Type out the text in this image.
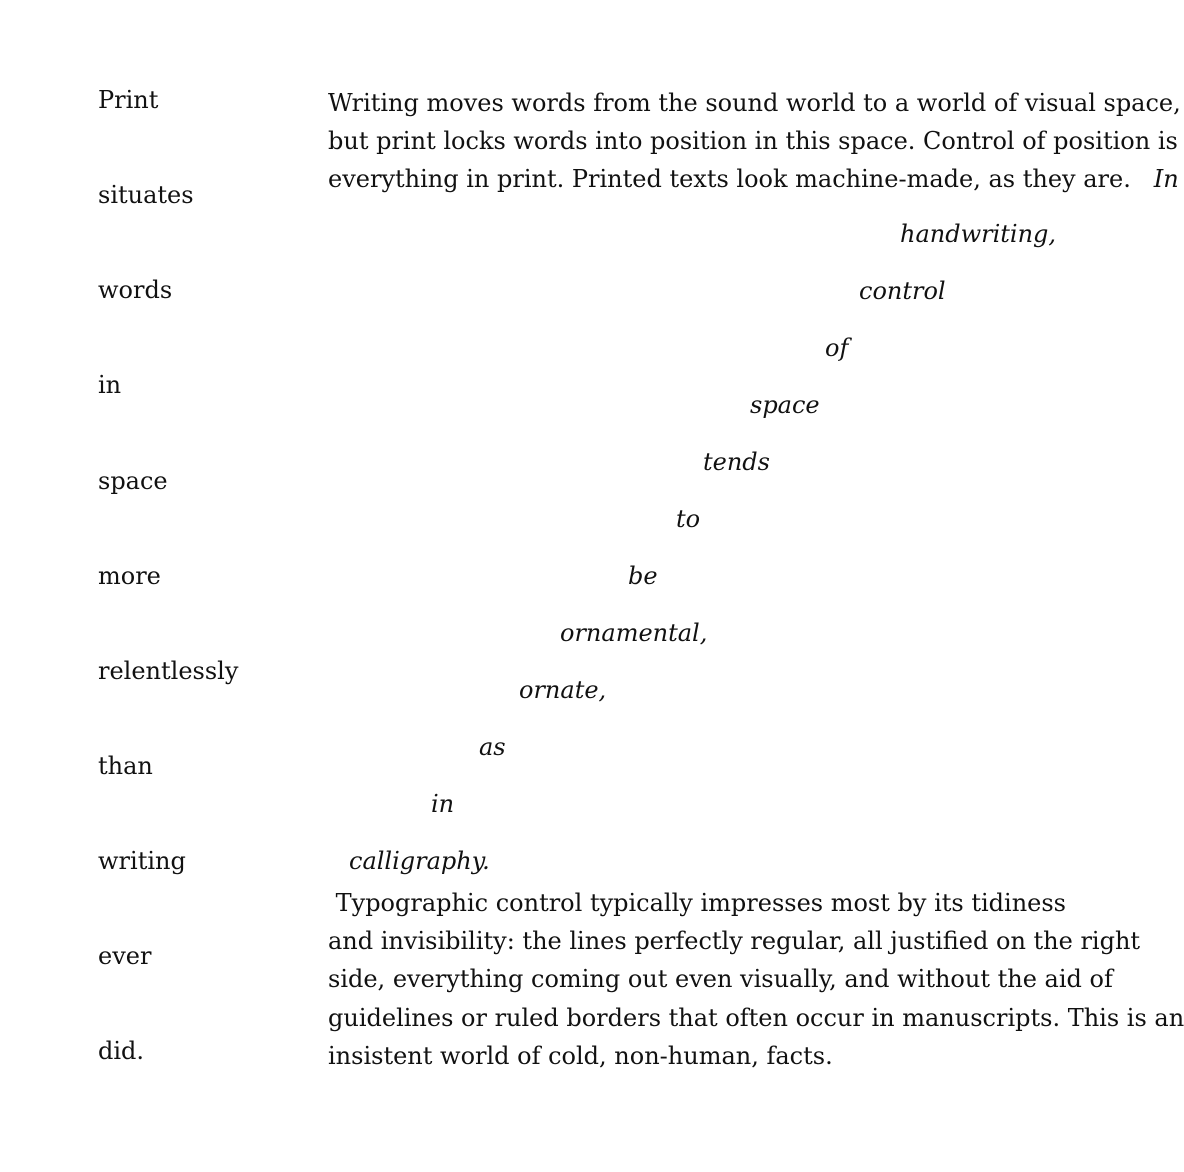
Print
situates
words
in
space
more
relentlessly
than
writing
ever
did.

Writing moves words from the sound world to a world of visual space,
but print locks words into position in this space. Control of position is
everything in print. Printed texts look machine-made, as they are. In

handwriting,
control
of
space
tends
to
be
ornamental,
ornate,
as
in
calligraphy.

Typographic control typically impresses most by its tidiness
and invisibility: the lines perfectly regular, all justified on the right
side, everything coming out even visually, and without the aid of
guidelines or ruled borders that often occur in manuscripts. This is an
insistent world of cold, non-human, facts.
